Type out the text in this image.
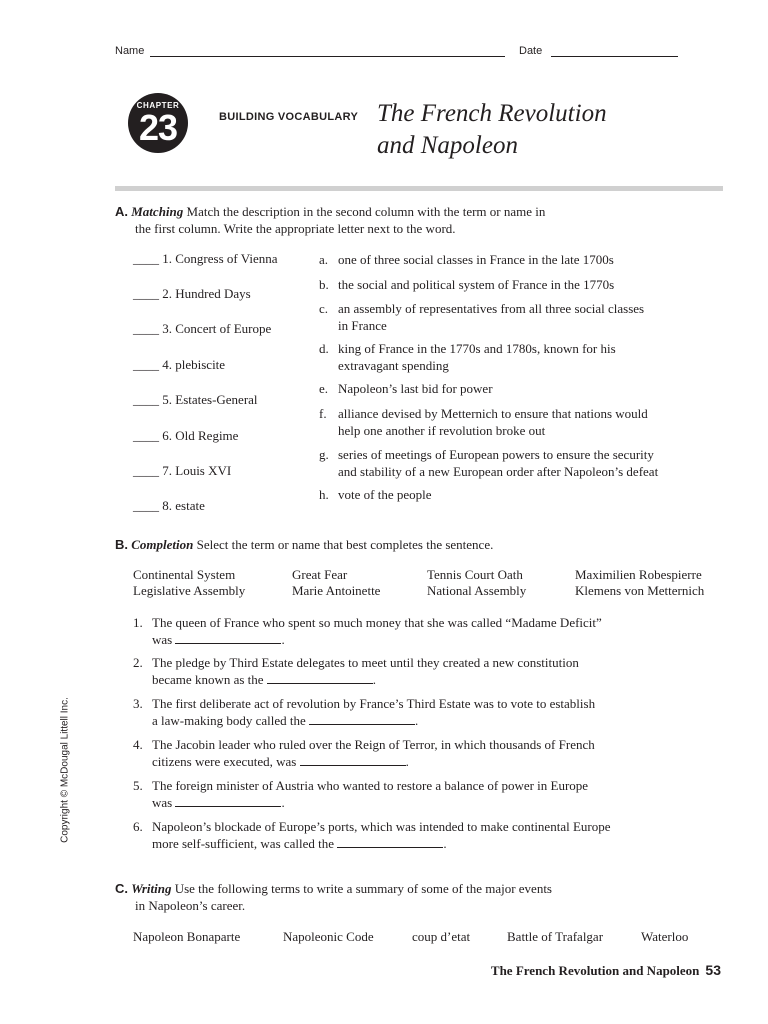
Name	Date
CHAPTER
23	BUILDING VOCABULARY The French Revolution
and Napoleon
A. Matching Match the description in the second column with the term or name in
the first column. Write the appropriate letter next to the word.
____ 1. Congress of Vienna
____ 2. Hundred Days
____ 3. Concert of Europe
____ 4. plebiscite
____ 5. Estates-General
____ 6. Old Regime
____ 7. Louis XVI
____ 8. estate
a. one of three social classes in France in the late 1700s
b. the social and political system of France in the 1770s
c. an assembly of representatives from all three social classes
in France
d. king of France in the 1770s and 1780s, known for his
extravagant spending
e. Napoleon’s last bid for power
f. alliance devised by Metternich to ensure that nations would
help one another if revolution broke out
g. series of meetings of European powers to ensure the security
and stability of a new European order after Napoleon’s defeat
h. vote of the people
B. Completion Select the term or name that best completes the sentence.
Continental System	Great Fear	Tennis Court Oath	Maximilien Robespierre
Legislative Assembly	Marie Antoinette	National Assembly	Klemens von Metternich
1. The queen of France who spent so much money that she was called “Madame Deficit”
was	.
2. The pledge by Third Estate delegates to meet until they created a new constitution
became known as the	.
3. The first deliberate act of revolution by France’s Third Estate was to vote to establish
a law-making body called the	.
4. The Jacobin leader who ruled over the Reign of Terror, in which thousands of French
citizens were executed, was	.
5. The foreign minister of Austria who wanted to restore a balance of power in Europe
was	.
6. Napoleon’s blockade of Europe’s ports, which was intended to make continental Europe
more self-sufficient, was called the	.
C. Writing Use the following terms to write a summary of some of the major events
in Napoleon’s career.
Napoleon Bonaparte	Napoleonic Code	coup d’etat	Battle of Trafalgar	Waterloo
Copyright © McDougal Littell Inc.
The French Revolution and Napoleon 53
